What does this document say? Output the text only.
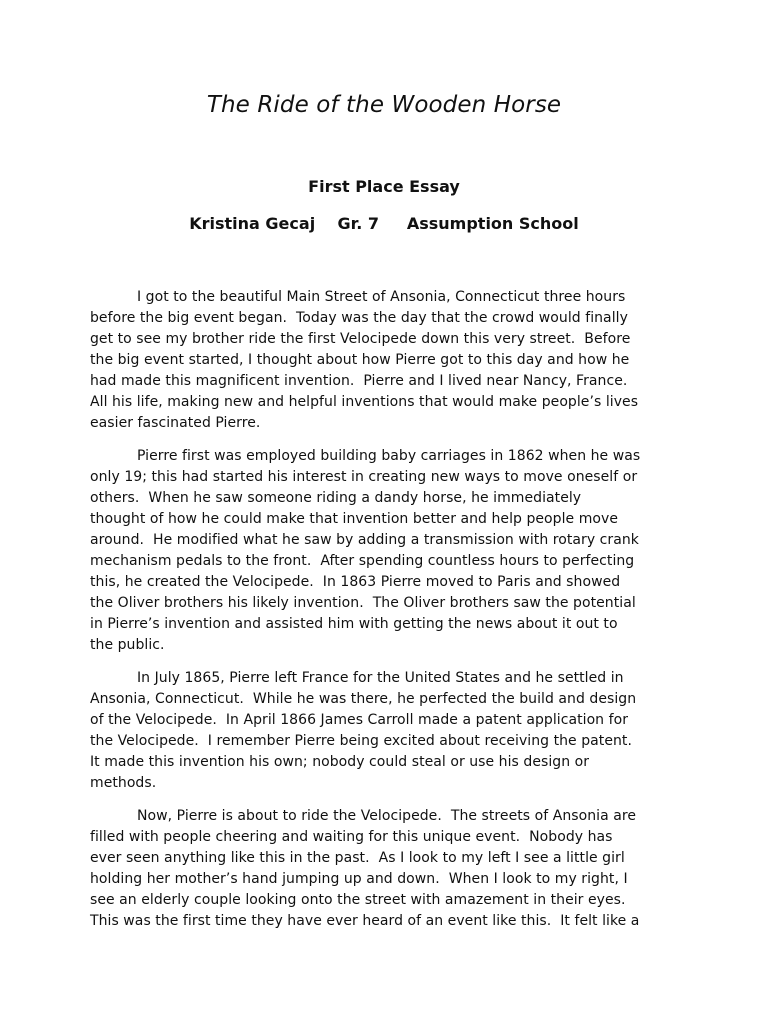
The Ride of the Wooden Horse
First Place Essay
Kristina Gecaj Gr. 7 Assumption School
I got to the beautiful Main Street of Ansonia, Connecticut three hours
before the big event began.  Today was the day that the crowd would finally
get to see my brother ride the first Velocipede down this very street.  Before
the big event started, I thought about how Pierre got to this day and how he
had made this magnificent invention.  Pierre and I lived near Nancy, France.
All his life, making new and helpful inventions that would make people’s lives
easier fascinated Pierre.
Pierre first was employed building baby carriages in 1862 when he was
only 19; this had started his interest in creating new ways to move oneself or
others.  When he saw someone riding a dandy horse, he immediately
thought of how he could make that invention better and help people move
around.  He modified what he saw by adding a transmission with rotary crank
mechanism pedals to the front.  After spending countless hours to perfecting
this, he created the Velocipede.  In 1863 Pierre moved to Paris and showed
the Oliver brothers his likely invention.  The Oliver brothers saw the potential
in Pierre’s invention and assisted him with getting the news about it out to
the public.
In July 1865, Pierre left France for the United States and he settled in
Ansonia, Connecticut.  While he was there, he perfected the build and design
of the Velocipede.  In April 1866 James Carroll made a patent application for
the Velocipede.  I remember Pierre being excited about receiving the patent.
It made this invention his own; nobody could steal or use his design or
methods.
Now, Pierre is about to ride the Velocipede.  The streets of Ansonia are
filled with people cheering and waiting for this unique event.  Nobody has
ever seen anything like this in the past.  As I look to my left I see a little girl
holding her mother’s hand jumping up and down.  When I look to my right, I
see an elderly couple looking onto the street with amazement in their eyes.
This was the first time they have ever heard of an event like this.  It felt like a
